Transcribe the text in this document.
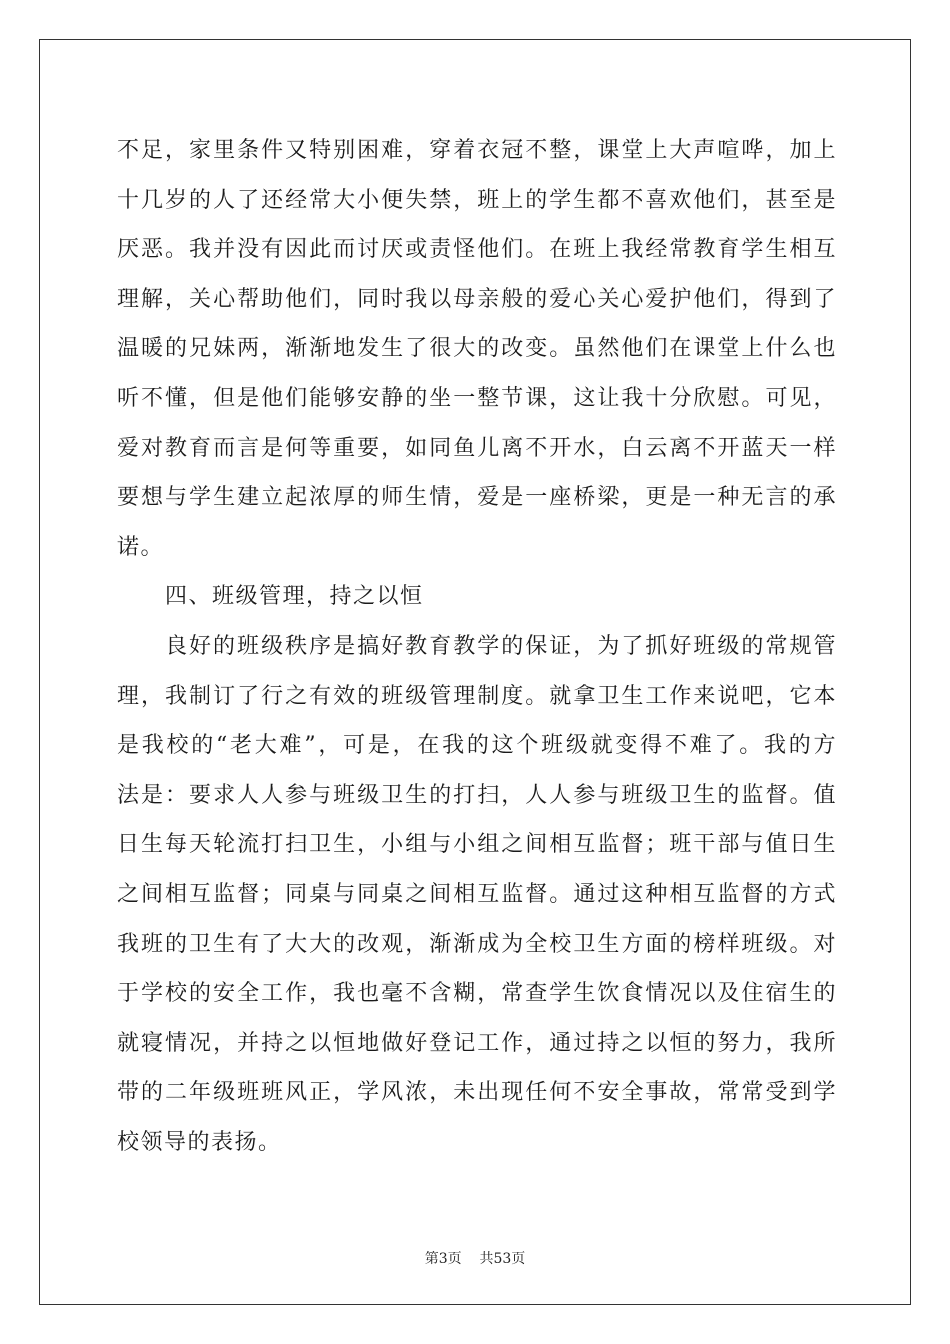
不足，家里条件又特别困难，穿着衣冠不整，课堂上大声喧哗，加上
十几岁的人了还经常大小便失禁，班上的学生都不喜欢他们，甚至是
厌恶。我并没有因此而讨厌或责怪他们。在班上我经常教育学生相互
理解，关心帮助他们，同时我以母亲般的爱心关心爱护他们，得到了
温暖的兄妹两，渐渐地发生了很大的改变。虽然他们在课堂上什么也
听不懂，但是他们能够安静的坐一整节课，这让我十分欣慰。可见，
爱对教育而言是何等重要，如同鱼儿离不开水，白云离不开蓝天一样
要想与学生建立起浓厚的师生情，爱是一座桥梁，更是一种无言的承
诺。
四、班级管理，持之以恒
良好的班级秩序是搞好教育教学的保证，为了抓好班级的常规管
理，我制订了行之有效的班级管理制度。就拿卫生工作来说吧，它本
是我校的“老大难”，可是，在我的这个班级就变得不难了。我的方
法是：要求人人参与班级卫生的打扫，人人参与班级卫生的监督。值
日生每天轮流打扫卫生，小组与小组之间相互监督；班干部与值日生
之间相互监督；同桌与同桌之间相互监督。通过这种相互监督的方式
我班的卫生有了大大的改观，渐渐成为全校卫生方面的榜样班级。对
于学校的安全工作，我也毫不含糊，常查学生饮食情况以及住宿生的
就寝情况，并持之以恒地做好登记工作，通过持之以恒的努力，我所
带的二年级班班风正，学风浓，未出现任何不安全事故，常常受到学
校领导的表扬。
第3页 共53页
